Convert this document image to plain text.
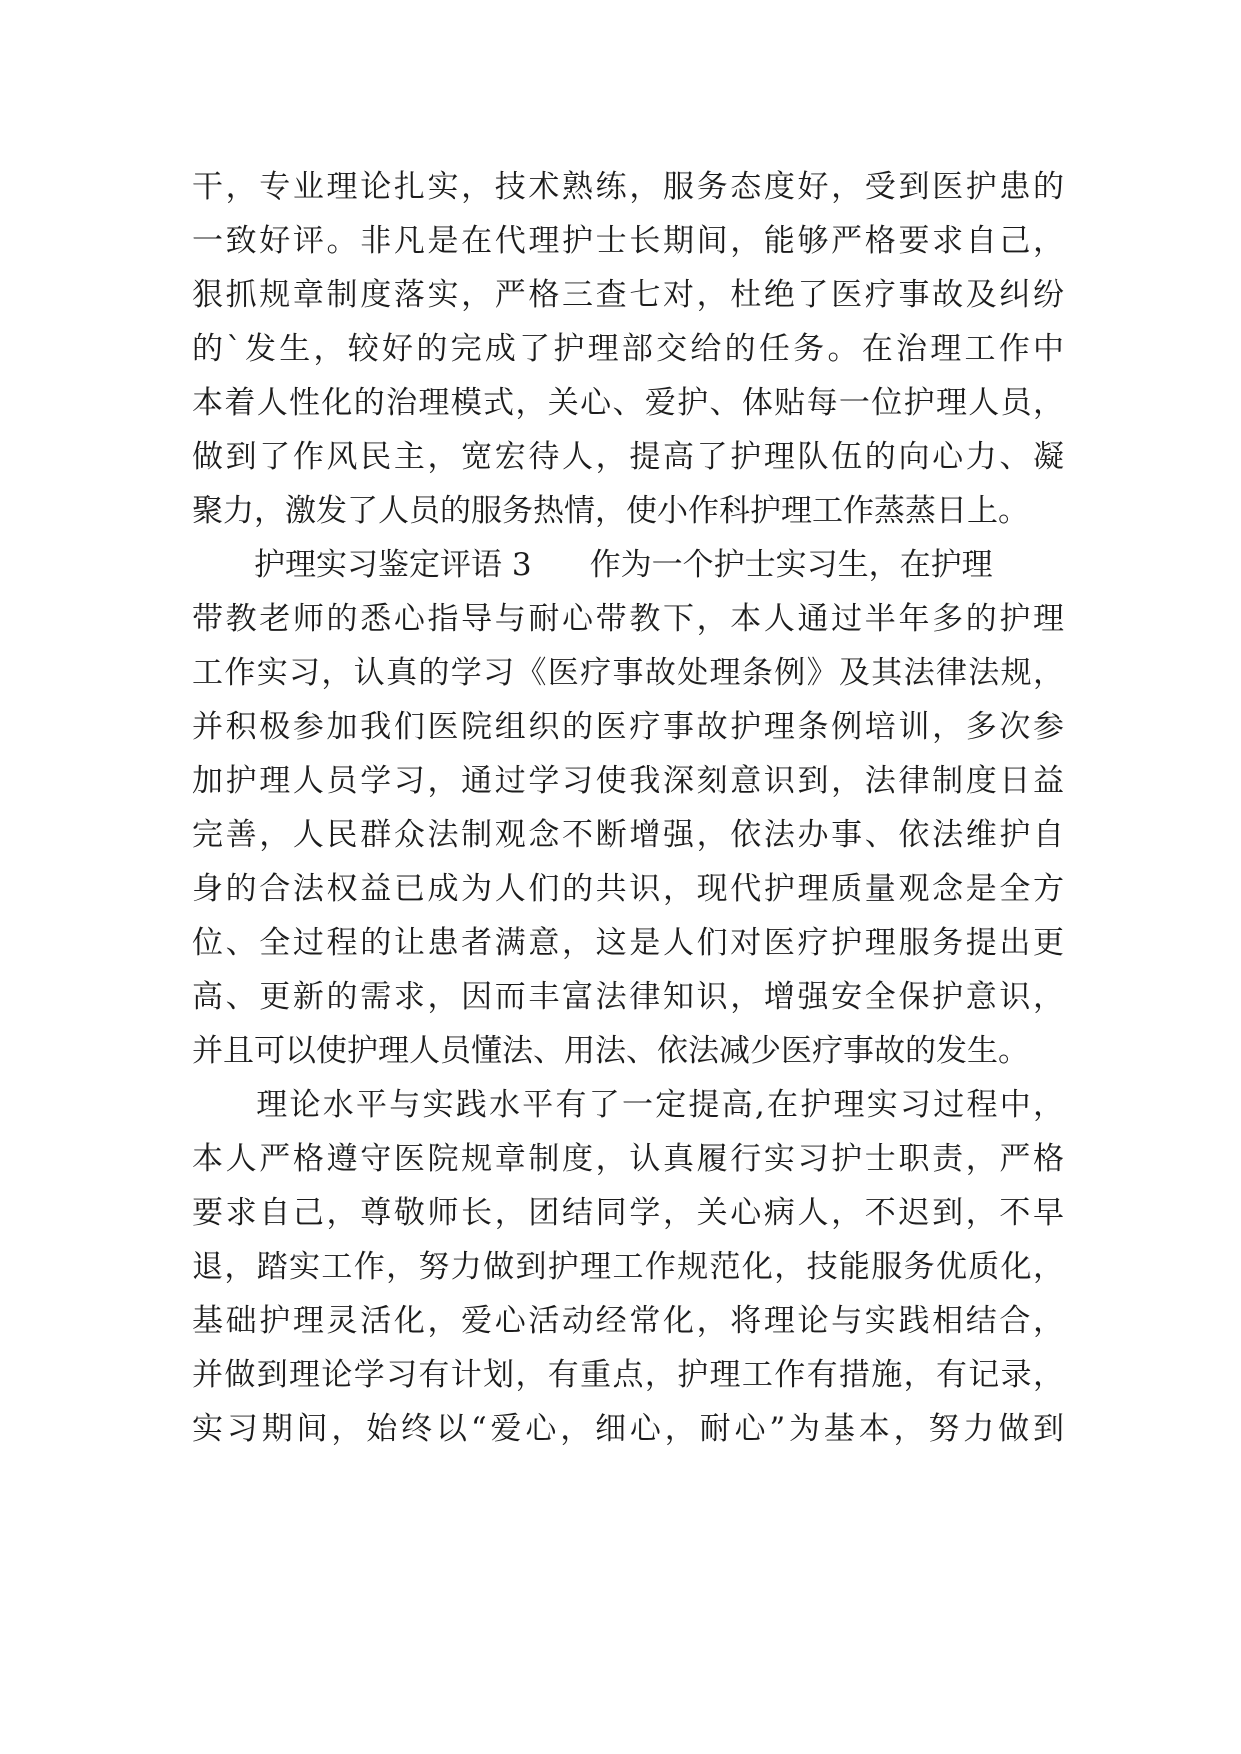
干，专业理论扎实，技术熟练，服务态度好，受到医护患的
一致好评。非凡是在代理护士长期间，能够严格要求自己，
狠抓规章制度落实，严格三查七对，杜绝了医疗事故及纠纷
的`发生，较好的完成了护理部交给的任务。在治理工作中
本着人性化的治理模式，关心、爱护、体贴每一位护理人员，
做到了作风民主，宽宏待人，提高了护理队伍的向心力、凝
聚力，激发了人员的服务热情，使小作科护理工作蒸蒸日上。
护理实习鉴定评语 3 作为一个护士实习生，在护理
带教老师的悉心指导与耐心带教下，本人通过半年多的护理
工作实习，认真的学习《医疗事故处理条例》及其法律法规，
并积极参加我们医院组织的医疗事故护理条例培训，多次参
加护理人员学习，通过学习使我深刻意识到，法律制度日益
完善，人民群众法制观念不断增强，依法办事、依法维护自
身的合法权益已成为人们的共识，现代护理质量观念是全方
位、全过程的让患者满意，这是人们对医疗护理服务提出更
高、更新的需求，因而丰富法律知识，增强安全保护意识，
并且可以使护理人员懂法、用法、依法减少医疗事故的发生。
理论水平与实践水平有了一定提高,在护理实习过程中，
本人严格遵守医院规章制度，认真履行实习护士职责，严格
要求自己，尊敬师长，团结同学，关心病人，不迟到，不早
退，踏实工作，努力做到护理工作规范化，技能服务优质化，
基础护理灵活化，爱心活动经常化，将理论与实践相结合，
并做到理论学习有计划，有重点，护理工作有措施，有记录，
实习期间，始终以“爱心，细心，耐心”为基本，努力做到
